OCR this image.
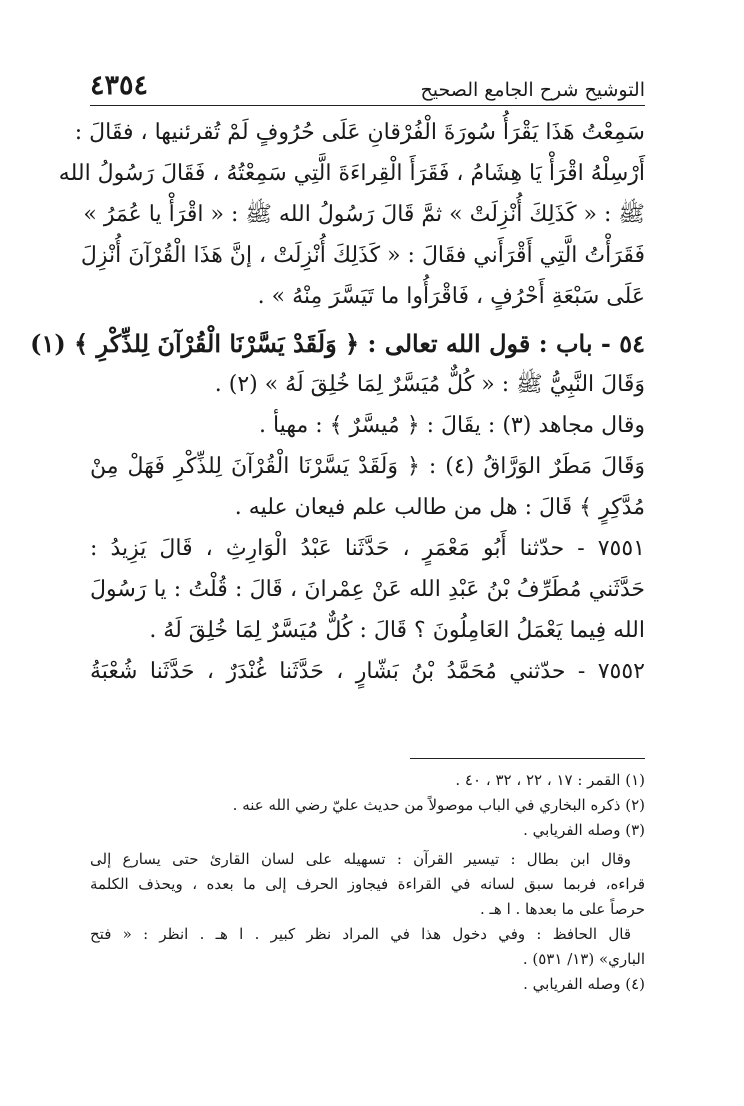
التوشيح شرح الجامع الصحيح
٤٣٥٤
سَمِعْتُ هَذَا يَقْرَأُ سُورَةَ الْفُرْقانِ عَلَى حُرُوفٍ لَمْ تُقرئنيها ، فقَالَ :
أَرْسِلْهُ اقْرَأْ يَا هِشَامُ ، فَقَرَأَ الْقِراءَةَ الَّتِي سَمِعْتُهُ ، فَقَالَ رَسُولُ الله
ﷺ : « كَذَلِكَ أُنْزِلَتْ » ثمَّ قَالَ رَسُولُ الله ﷺ : « اقْرَأْ يا عُمَرُ »
فَقَرَأْتُ الَّتِي أَقْرَأَني فقَالَ : « كَذَلِكَ أُنْزِلَتْ ، إنَّ هَذَا الْقُرْآنَ أُنْزِلَ
عَلَى سَبْعَةِ أَحْرُفٍ ، فَاقْرَأُوا ما تَيَسَّرَ مِنْهُ » .
٥٤ - باب : قول الله تعالى : ﴿ وَلَقَدْ يَسَّرْنَا الْقُرْآنَ لِلذِّكْرِ ﴾ (١)
وَقَالَ النَّبِيُّ ﷺ : « كُلٌّ مُيَسَّرٌ لِمَا خُلِقَ لَهُ » (٢) .
وقال مجاهد (٣) : يقَالَ : ﴿ مُيسَّرٌ ﴾ : مهيأ .
وَقَالَ مَطَرٌ الوَرَّاقُ (٤) : ﴿ وَلَقَدْ يَسَّرْنَا الْقُرْآنَ لِلذِّكْرِ فَهَلْ مِنْ
مُدَّكِرٍ ﴾ قَالَ : هل من طالب علم فيعان عليه .
٧٥٥١ - حدّثنا أَبُو مَعْمَرٍ ، حَدَّثَنا عَبْدُ الْوَارِثِ ، قَالَ يَزِيدُ :
حَدَّثَني مُطَرِّفُ بْنُ عَبْدِ الله عَنْ عِمْرانَ ، قَالَ : قُلْتُ : يا رَسُولَ
الله فِيما يَعْمَلُ العَامِلُونَ ؟ قَالَ : كُلٌّ مُيَسَّرٌ لِمَا خُلِقَ لَهُ .
٧٥٥٢ - حدّثني مُحَمَّدُ بْنُ بَشّارٍ ، حَدَّثَنا غُنْدَرٌ ، حَدَّثَنا شُعْبَةُ
(١) القمر : ١٧ ، ٢٢ ، ٣٢ ، ٤٠ .
(٢) ذكره البخاري في الباب موصولاً من حديث عليّ رضي الله عنه .
(٣) وصله الفريابي .
وقال ابن بطال : تيسير القرآن : تسهيله على لسان القارئ حتى يسارع إلى
قراءه، فربما سبق لسانه في القراءة فيجاوز الحرف إلى ما بعده ، ويحذف الكلمة
حرصاً على ما بعدها . ا هـ .
قال الحافظ : وفي دخول هذا في المراد نظر كبير . ا هـ . انظر : « فتح
الباري» (١٣/ ٥٣١) .
(٤) وصله الفريابي .
